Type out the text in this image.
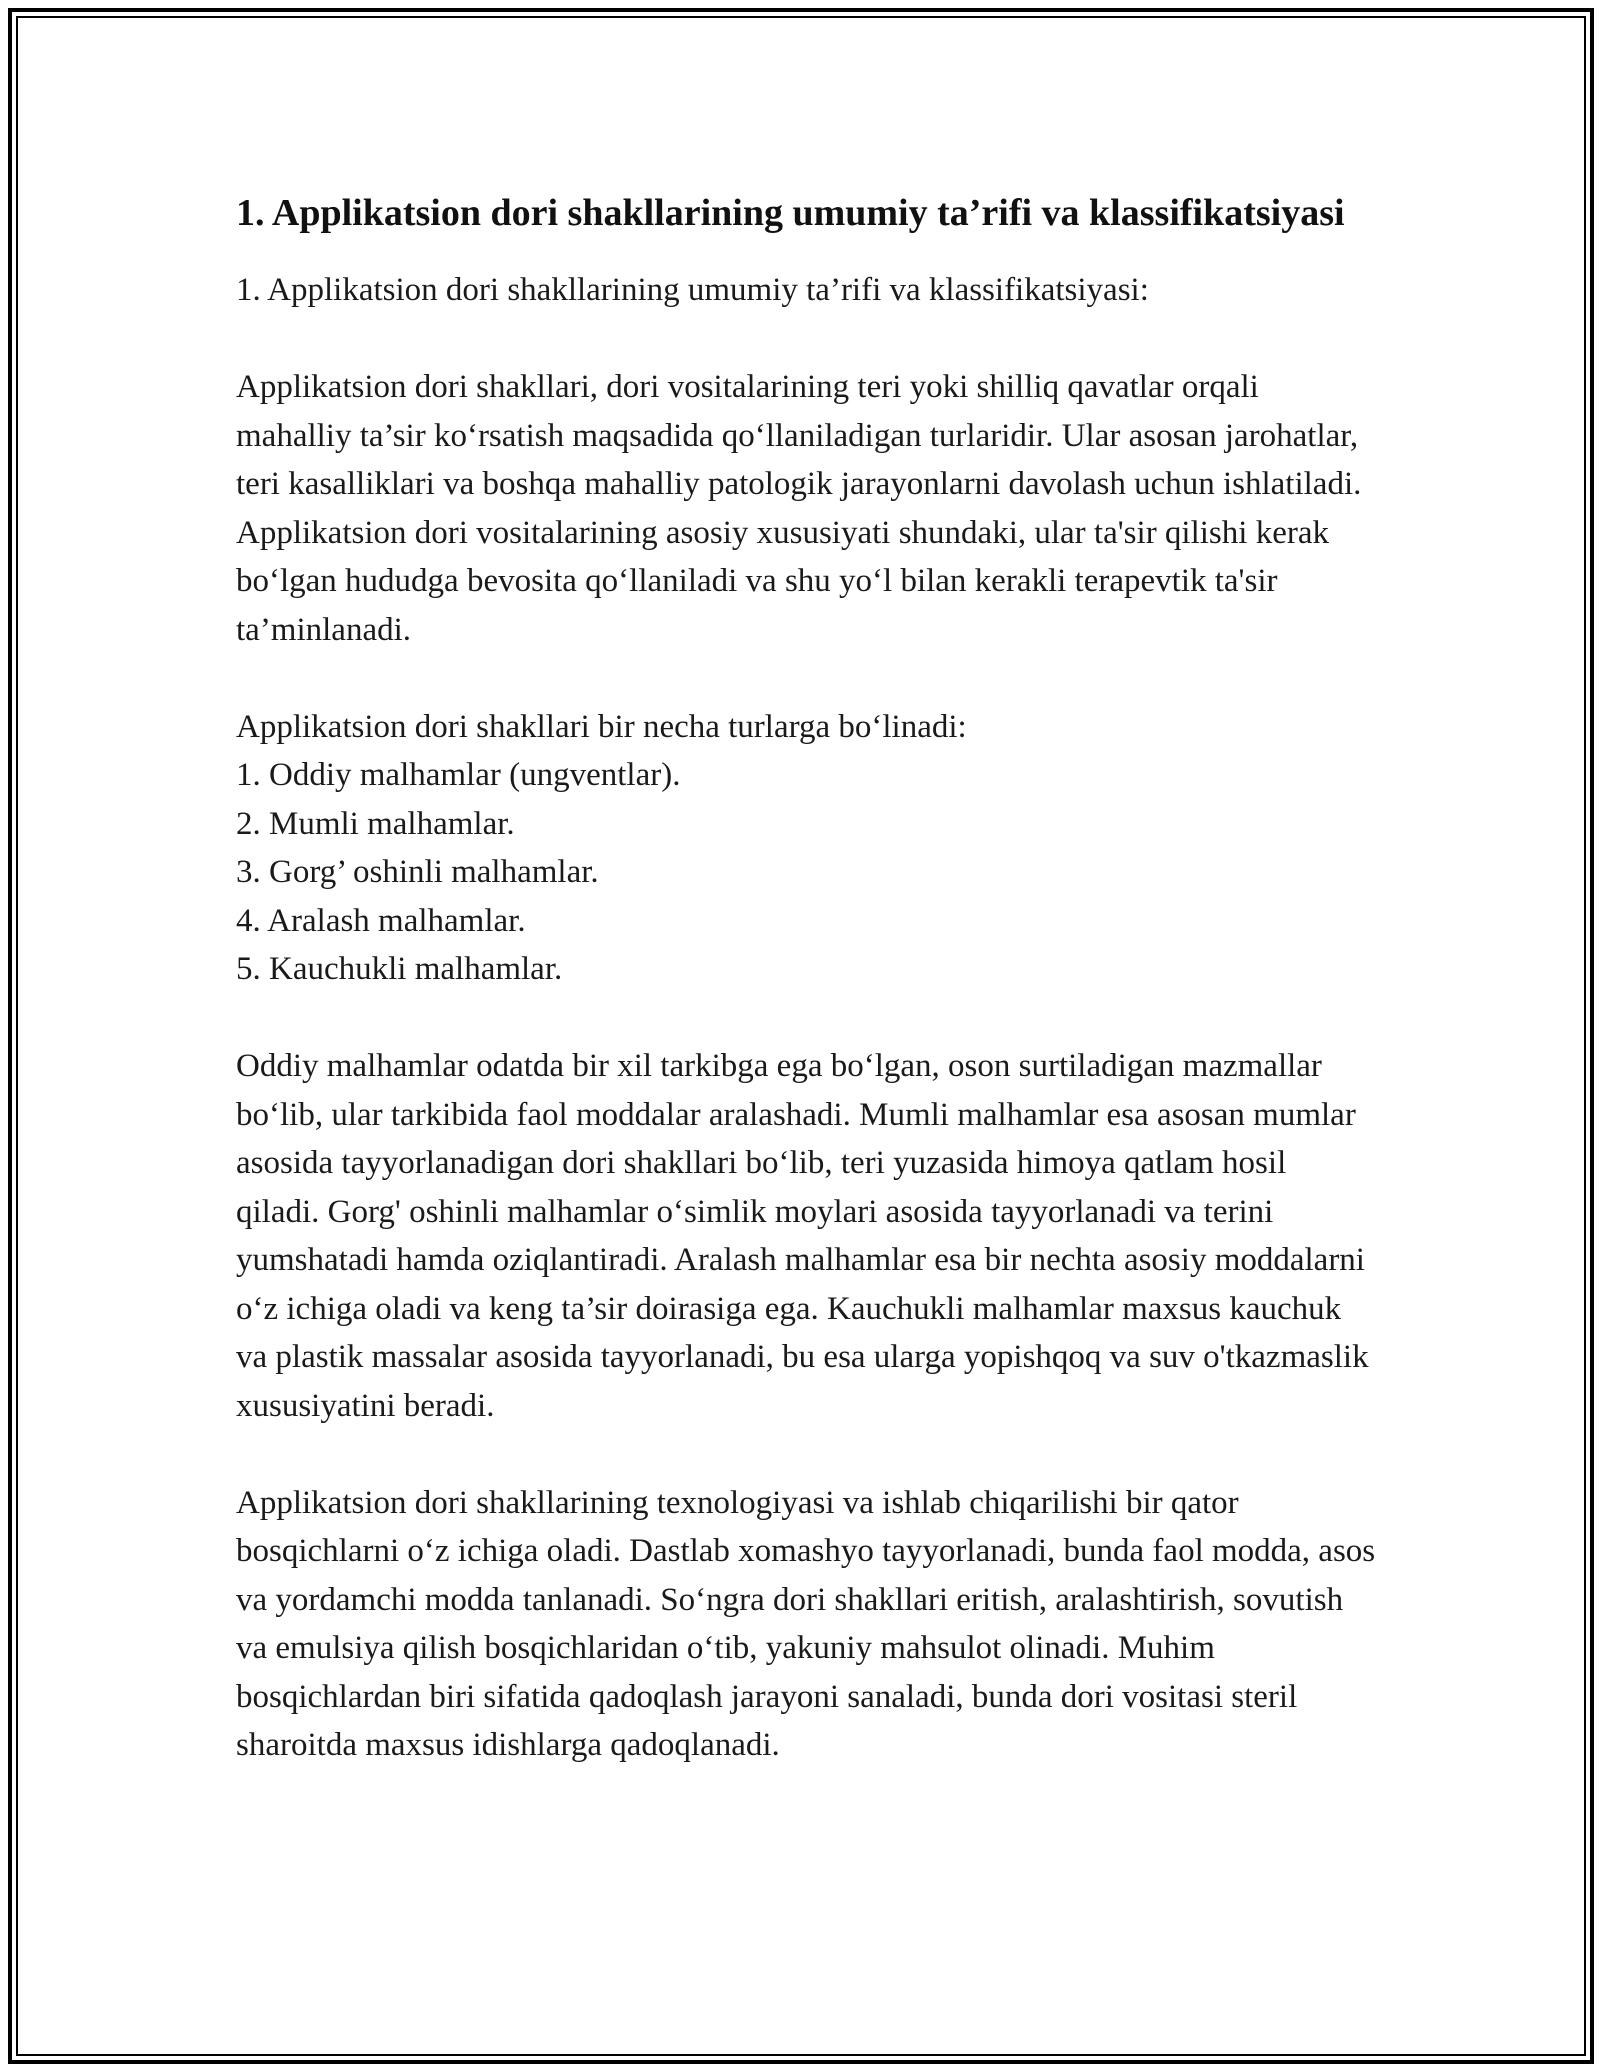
1. Applikatsion dori shakllarining umumiy ta’rifi va klassifikatsiyasi

1. Applikatsion dori shakllarining umumiy ta’rifi va klassifikatsiyasi:

Applikatsion dori shakllari, dori vositalarining teri yoki shilliq qavatlar orqali mahalliy ta’sir ko‘rsatish maqsadida qo‘llaniladigan turlaridir. Ular asosan jarohatlar, teri kasalliklari va boshqa mahalliy patologik jarayonlarni davolash uchun ishlatiladi. Applikatsion dori vositalarining asosiy xususiyati shundaki, ular ta'sir qilishi kerak bo‘lgan hududga bevosita qo‘llaniladi va shu yo‘l bilan kerakli terapevtik ta'sir ta’minlanadi.

Applikatsion dori shakllari bir necha turlarga bo‘linadi:

1. Oddiy malhamlar (ungventlar).
2. Mumli malhamlar.
3. Gorg’ oshinli malhamlar.
4. Aralash malhamlar.
5. Kauchukli malhamlar.

Oddiy malhamlar odatda bir xil tarkibga ega bo‘lgan, oson surtiladigan mazmallar bo‘lib, ular tarkibida faol moddalar aralashadi. Mumli malhamlar esa asosan mumlar asosida tayyorlanadigan dori shakllari bo‘lib, teri yuzasida himoya qatlam hosil qiladi. Gorg' oshinli malhamlar o‘simlik moylari asosida tayyorlanadi va terini yumshatadi hamda oziqlantiradi. Aralash malhamlar esa bir nechta asosiy moddalarni o‘z ichiga oladi va keng ta’sir doirasiga ega. Kauchukli malhamlar maxsus kauchuk va plastik massalar asosida tayyorlanadi, bu esa ularga yopishqoq va suv o'tkazmaslik xususiyatini beradi.

Applikatsion dori shakllarining texnologiyasi va ishlab chiqarilishi bir qator bosqichlarni o‘z ichiga oladi. Dastlab xomashyo tayyorlanadi, bunda faol modda, asos va yordamchi modda tanlanadi. So‘ngra dori shakllari eritish, aralashtirish, sovutish va emulsiya qilish bosqichlaridan o‘tib, yakuniy mahsulot olinadi. Muhim bosqichlardan biri sifatida qadoqlash jarayoni sanaladi, bunda dori vositasi steril sharoitda maxsus idishlarga qadoqlanadi.
